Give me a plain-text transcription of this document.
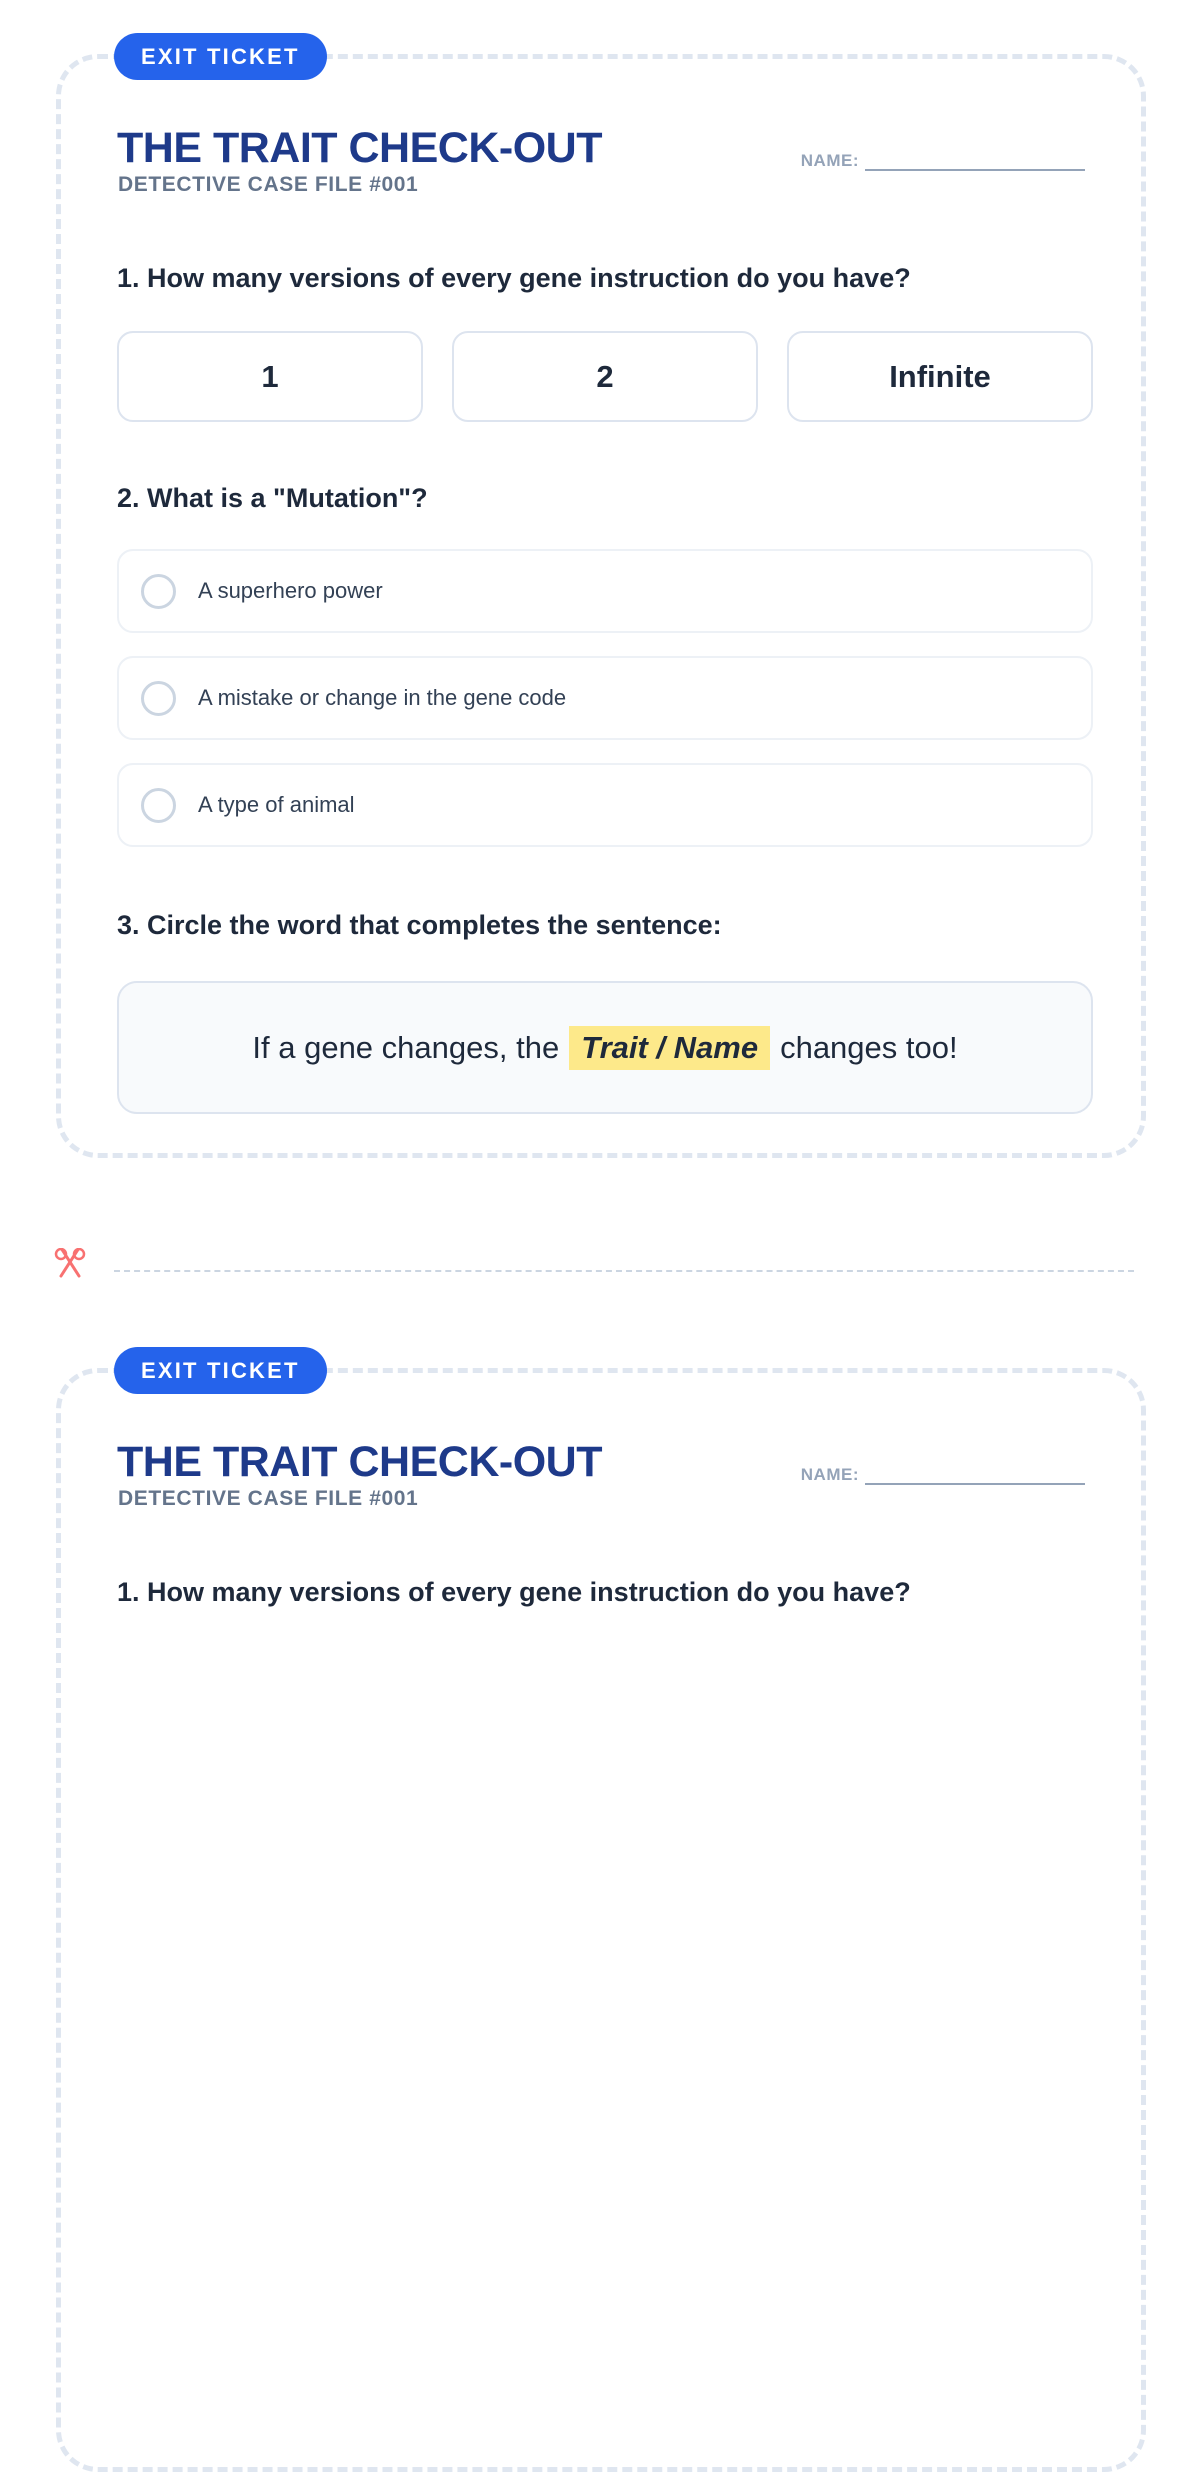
EXIT TICKET
THE TRAIT CHECK-OUT
DETECTIVE CASE FILE #001
NAME:
1. How many versions of every gene instruction do you have?
1	2	Infinite
2. What is a "Mutation"?
A superhero power
A mistake or change in the gene code
A type of animal
3. Circle the word that completes the sentence:
If a gene changes, the Trait / Name changes too!
EXIT TICKET
THE TRAIT CHECK-OUT
DETECTIVE CASE FILE #001
NAME:
1. How many versions of every gene instruction do you have?
